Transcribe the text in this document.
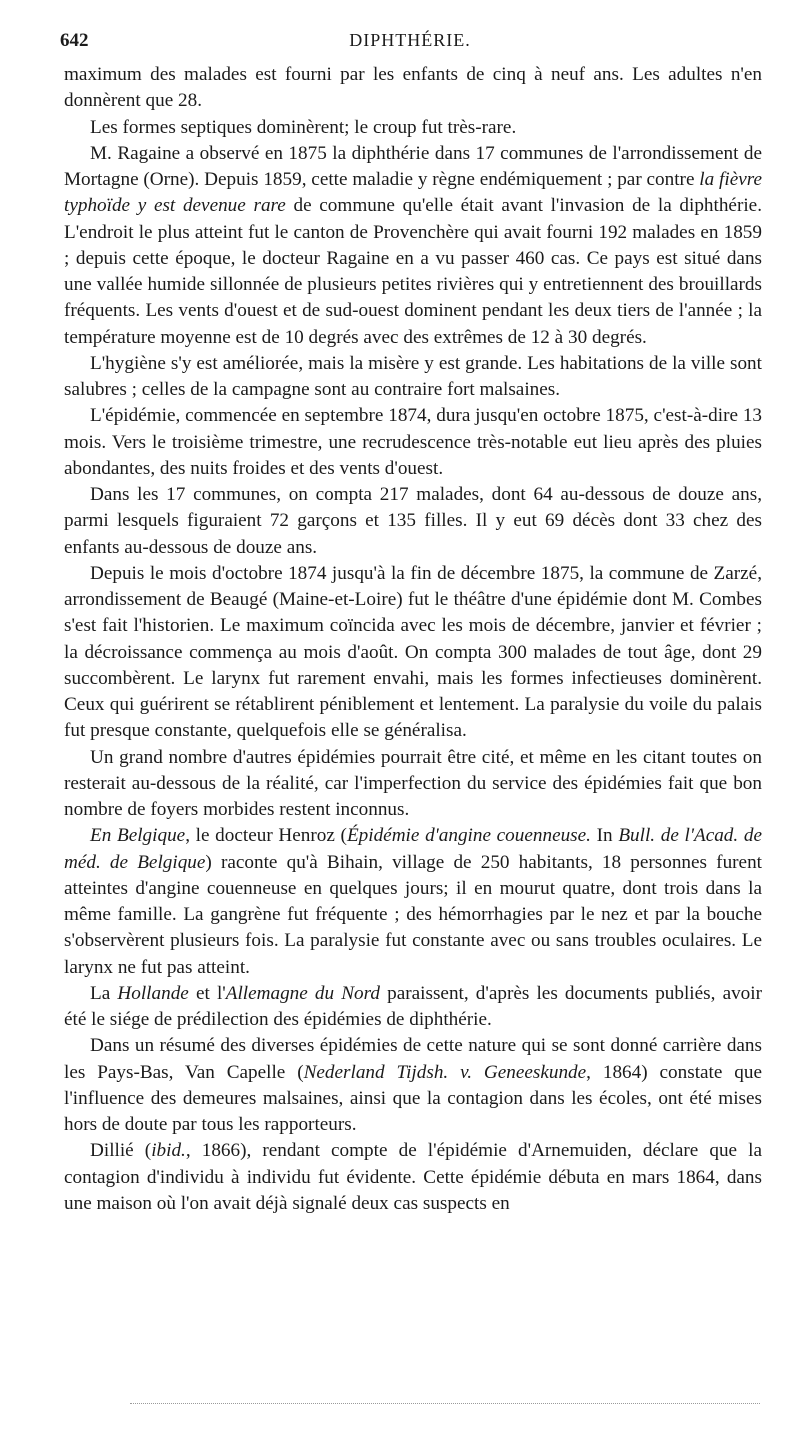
642	DIPHTHÉRIE.

maximum des malades est fourni par les enfants de cinq à neuf ans. Les adultes n'en donnèrent que 28.

Les formes septiques dominèrent; le croup fut très-rare.

M. Ragaine a observé en 1875 la diphthérie dans 17 communes de l'arrondissement de Mortagne (Orne). Depuis 1859, cette maladie y règne endémiquement ; par contre la fièvre typhoïde y est devenue rare de commune qu'elle était avant l'invasion de la diphthérie. L'endroit le plus atteint fut le canton de Provenchère qui avait fourni 192 malades en 1859 ; depuis cette époque, le docteur Ragaine en a vu passer 460 cas. Ce pays est situé dans une vallée humide sillonnée de plusieurs petites rivières qui y entretiennent des brouillards fréquents. Les vents d'ouest et de sud-ouest dominent pendant les deux tiers de l'année ; la température moyenne est de 10 degrés avec des extrêmes de 12 à 30 degrés.

L'hygiène s'y est améliorée, mais la misère y est grande. Les habitations de la ville sont salubres ; celles de la campagne sont au contraire fort malsaines.

L'épidémie, commencée en septembre 1874, dura jusqu'en octobre 1875, c'est-à-dire 13 mois. Vers le troisième trimestre, une recrudescence très-notable eut lieu après des pluies abondantes, des nuits froides et des vents d'ouest.

Dans les 17 communes, on compta 217 malades, dont 64 au-dessous de douze ans, parmi lesquels figuraient 72 garçons et 135 filles. Il y eut 69 décès dont 33 chez des enfants au-dessous de douze ans.

Depuis le mois d'octobre 1874 jusqu'à la fin de décembre 1875, la commune de Zarzé, arrondissement de Beaugé (Maine-et-Loire) fut le théâtre d'une épidémie dont M. Combes s'est fait l'historien. Le maximum coïncida avec les mois de décembre, janvier et février ; la décroissance commença au mois d'août. On compta 300 malades de tout âge, dont 29 succombèrent. Le larynx fut rarement envahi, mais les formes infectieuses dominèrent. Ceux qui guérirent se rétablirent péniblement et lentement. La paralysie du voile du palais fut presque constante, quelquefois elle se généralisa.

Un grand nombre d'autres épidémies pourrait être cité, et même en les citant toutes on resterait au-dessous de la réalité, car l'imperfection du service des épidémies fait que bon nombre de foyers morbides restent inconnus.

En Belgique, le docteur Henroz (Épidémie d'angine couenneuse. In Bull. de l'Acad. de méd. de Belgique) raconte qu'à Bihain, village de 250 habitants, 18 personnes furent atteintes d'angine couenneuse en quelques jours; il en mourut quatre, dont trois dans la même famille. La gangrène fut fréquente ; des hémorrhagies par le nez et par la bouche s'observèrent plusieurs fois. La paralysie fut constante avec ou sans troubles oculaires. Le larynx ne fut pas atteint.

La Hollande et l'Allemagne du Nord paraissent, d'après les documents publiés, avoir été le siége de prédilection des épidémies de diphthérie.

Dans un résumé des diverses épidémies de cette nature qui se sont donné carrière dans les Pays-Bas, Van Capelle (Nederland Tijdsh. v. Geneeskunde, 1864) constate que l'influence des demeures malsaines, ainsi que la contagion dans les écoles, ont été mises hors de doute par tous les rapporteurs.

Dillié (ibid., 1866), rendant compte de l'épidémie d'Arnemuiden, déclare que la contagion d'individu à individu fut évidente. Cette épidémie débuta en mars 1864, dans une maison où l'on avait déjà signalé deux cas suspects en
